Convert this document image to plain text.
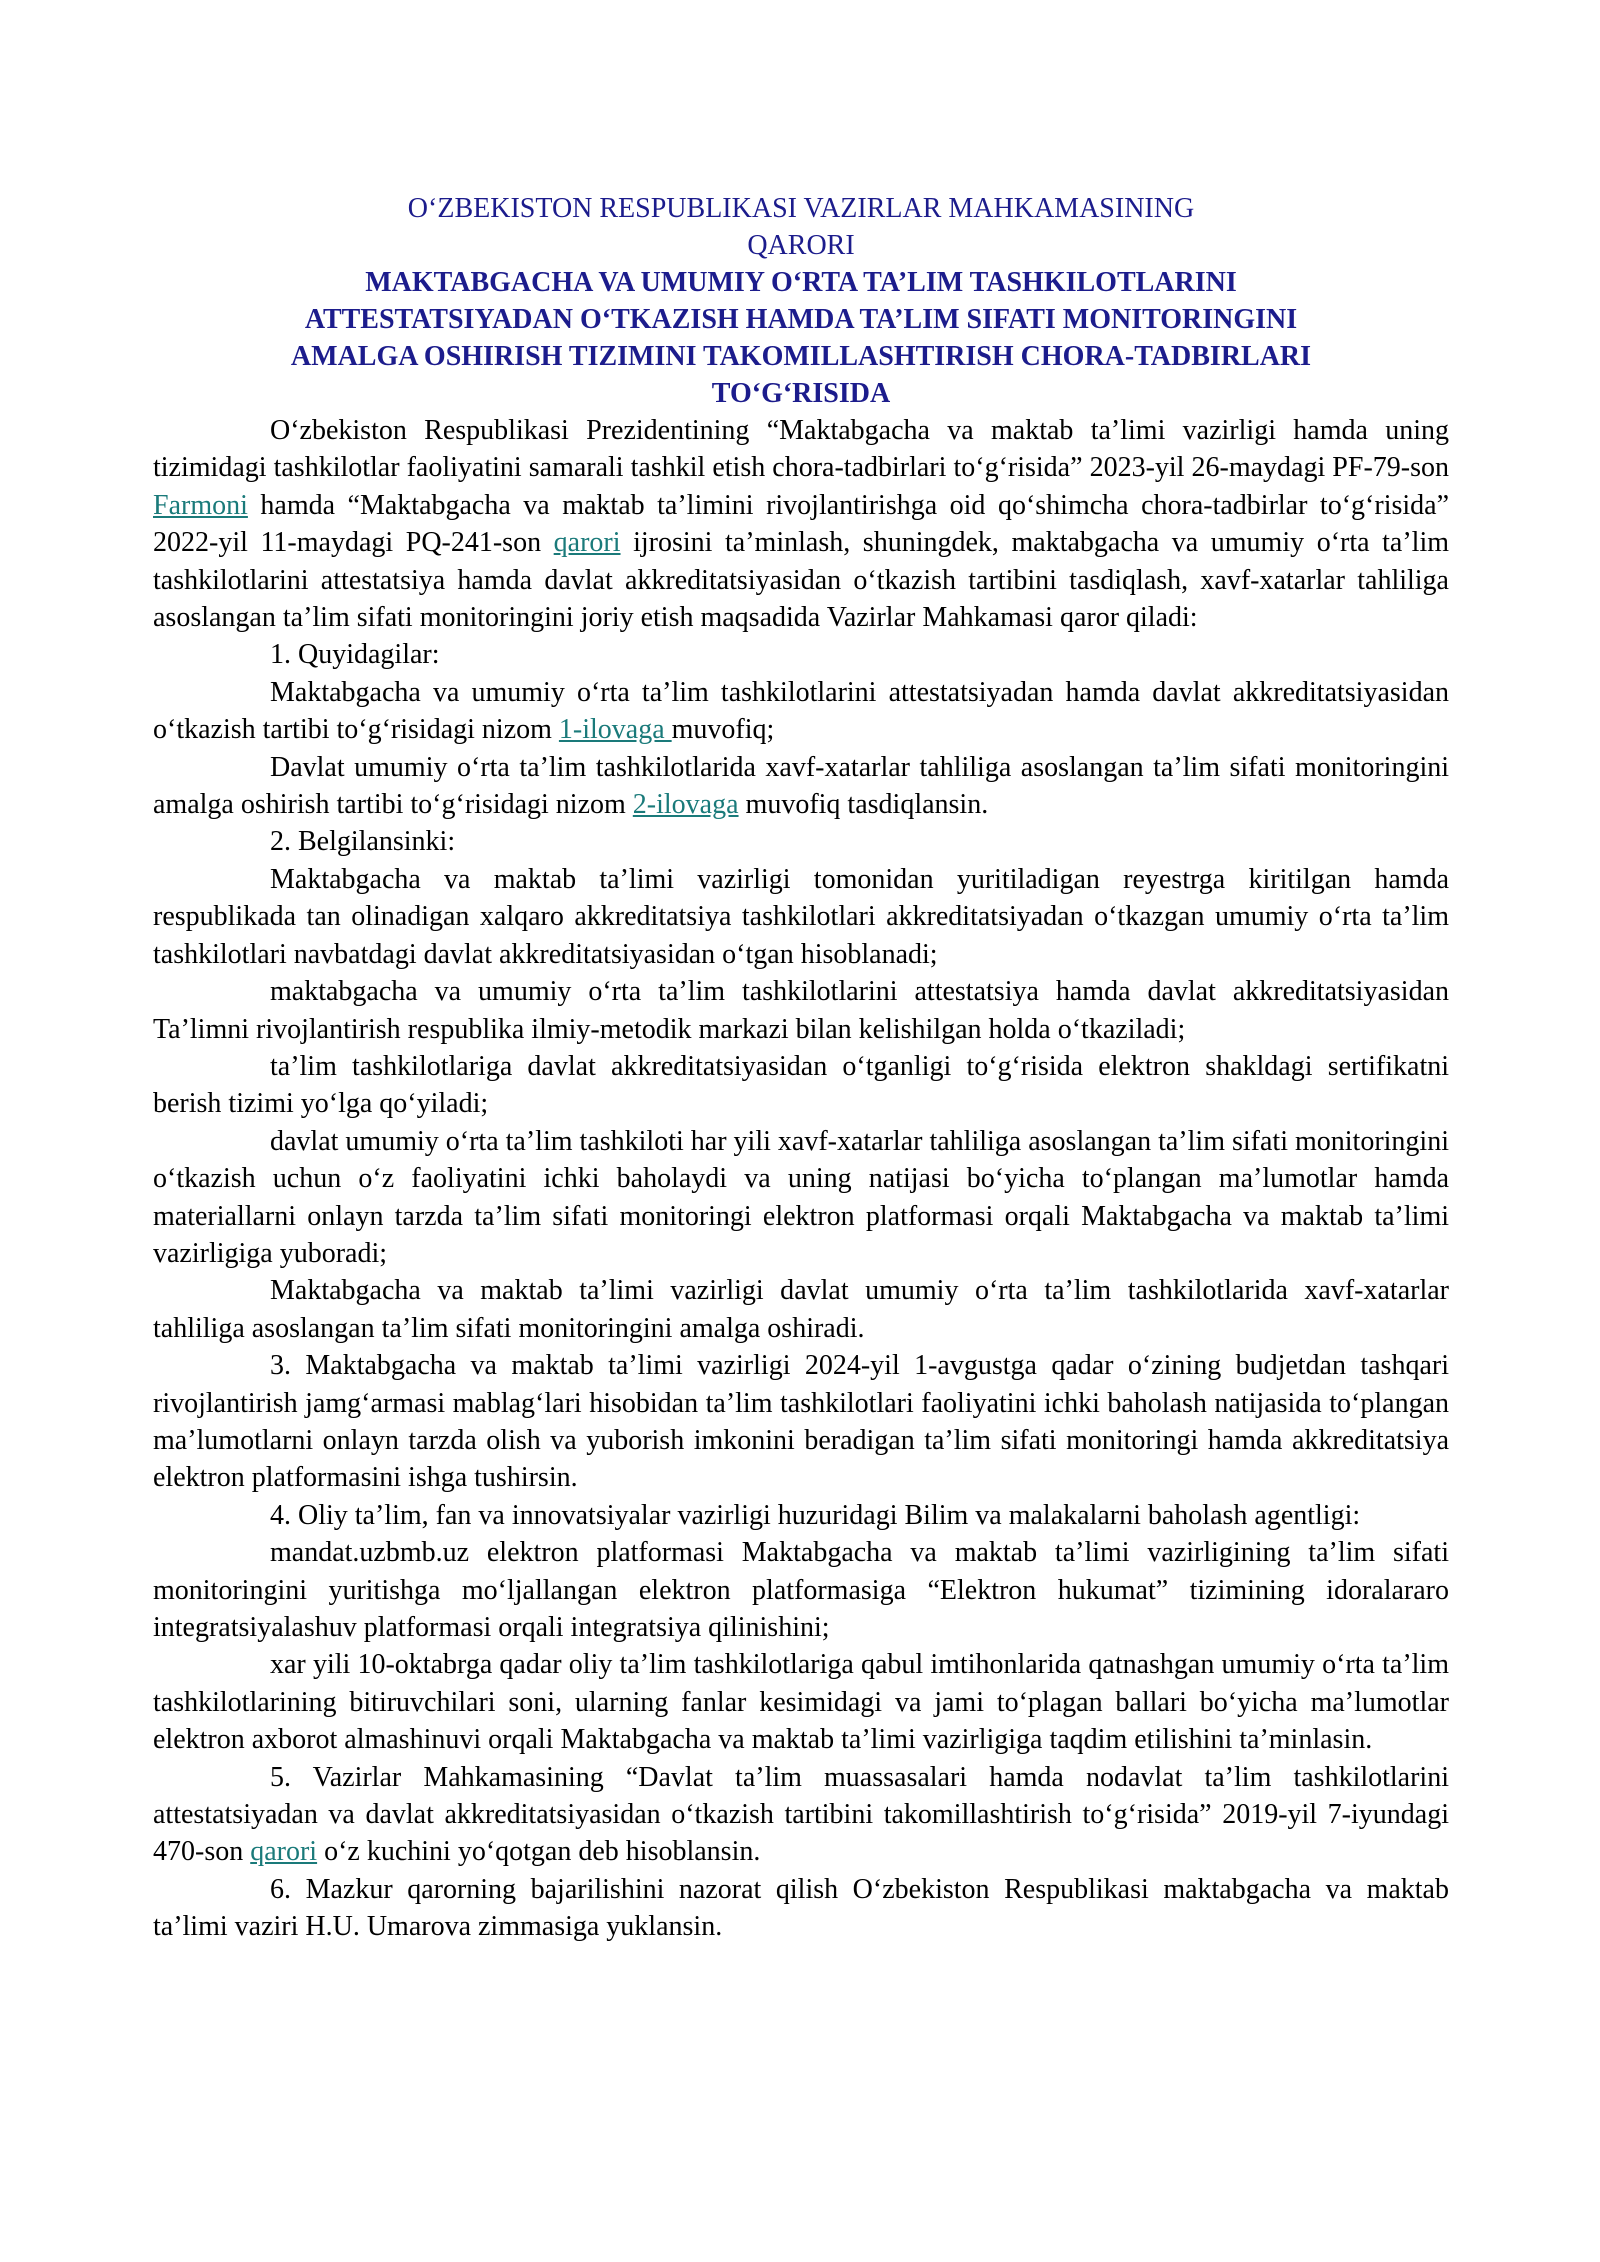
O‘ZBEKISTON RESPUBLIKASI VAZIRLAR MAHKAMASINING
QARORI
MAKTABGACHA VA UMUMIY O‘RTA TA’LIM TASHKILOTLARINI
ATTESTATSIYADAN O‘TKAZISH HAMDA TA’LIM SIFATI MONITORINGINI
AMALGA OSHIRISH TIZIMINI TAKOMILLASHTIRISH CHORA-TADBIRLARI
TO‘G‘RISIDA

O‘zbekiston Respublikasi Prezidentining “Maktabgacha va maktab ta’limi vazirligi hamda uning tizimidagi tashkilotlar faoliyatini samarali tashkil etish chora-tadbirlari to‘g‘risida” 2023-yil 26-maydagi PF-79-son Farmoni hamda “Maktabgacha va maktab ta’limini rivojlantirishga oid qo‘shimcha chora-tadbirlar to‘g‘risida” 2022-yil 11-maydagi PQ-241-son qarori ijrosini ta’minlash, shuningdek, maktabgacha va umumiy o‘rta ta’lim tashkilotlarini attestatsiya hamda davlat akkreditatsiyasidan o‘tkazish tartibini tasdiqlash, xavf-xatarlar tahliliga asoslangan ta’lim sifati monitoringini joriy etish maqsadida Vazirlar Mahkamasi qaror qiladi:

1. Quyidagilar:

Maktabgacha va umumiy o‘rta ta’lim tashkilotlarini attestatsiyadan hamda davlat akkreditatsiyasidan o‘tkazish tartibi to‘g‘risidagi nizom 1-ilovaga muvofiq;

Davlat umumiy o‘rta ta’lim tashkilotlarida xavf-xatarlar tahliliga asoslangan ta’lim sifati monitoringini amalga oshirish tartibi to‘g‘risidagi nizom 2-ilovaga muvofiq tasdiqlansin.

2. Belgilansinki:

Maktabgacha va maktab ta’limi vazirligi tomonidan yuritiladigan reyestrga kiritilgan hamda respublikada tan olinadigan xalqaro akkreditatsiya tashkilotlari akkreditatsiyadan o‘tkazgan umumiy o‘rta ta’lim tashkilotlari navbatdagi davlat akkreditatsiyasidan o‘tgan hisoblanadi;

maktabgacha va umumiy o‘rta ta’lim tashkilotlarini attestatsiya hamda davlat akkreditatsiyasidan Ta’limni rivojlantirish respublika ilmiy-metodik markazi bilan kelishilgan holda o‘tkaziladi;

ta’lim tashkilotlariga davlat akkreditatsiyasidan o‘tganligi to‘g‘risida elektron shakldagi sertifikatni berish tizimi yo‘lga qo‘yiladi;

davlat umumiy o‘rta ta’lim tashkiloti har yili xavf-xatarlar tahliliga asoslangan ta’lim sifati monitoringini o‘tkazish uchun o‘z faoliyatini ichki baholaydi va uning natijasi bo‘yicha to‘plangan ma’lumotlar hamda materiallarni onlayn tarzda ta’lim sifati monitoringi elektron platformasi orqali Maktabgacha va maktab ta’limi vazirligiga yuboradi;

Maktabgacha va maktab ta’limi vazirligi davlat umumiy o‘rta ta’lim tashkilotlarida xavf-xatarlar tahliliga asoslangan ta’lim sifati monitoringini amalga oshiradi.

3. Maktabgacha va maktab ta’limi vazirligi 2024-yil 1-avgustga qadar o‘zining budjetdan tashqari rivojlantirish jamg‘armasi mablag‘lari hisobidan ta’lim tashkilotlari faoliyatini ichki baholash natijasida to‘plangan ma’lumotlarni onlayn tarzda olish va yuborish imkonini beradigan ta’lim sifati monitoringi hamda akkreditatsiya elektron platformasini ishga tushirsin.

4. Oliy ta’lim, fan va innovatsiyalar vazirligi huzuridagi Bilim va malakalarni baholash agentligi:

mandat.uzbmb.uz elektron platformasi Maktabgacha va maktab ta’limi vazirligining ta’lim sifati monitoringini yuritishga mo‘ljallangan elektron platformasiga “Elektron hukumat” tizimining idoralararo integratsiyalashuv platformasi orqali integratsiya qilinishini;

xar yili 10-oktabrga qadar oliy ta’lim tashkilotlariga qabul imtihonlarida qatnashgan umumiy o‘rta ta’lim tashkilotlarining bitiruvchilari soni, ularning fanlar kesimidagi va jami to‘plagan ballari bo‘yicha ma’lumotlar elektron axborot almashinuvi orqali Maktabgacha va maktab ta’limi vazirligiga taqdim etilishini ta’minlasin.

5. Vazirlar Mahkamasining “Davlat ta’lim muassasalari hamda nodavlat ta’lim tashkilotlarini attestatsiyadan va davlat akkreditatsiyasidan o‘tkazish tartibini takomillashtirish to‘g‘risida” 2019-yil 7-iyundagi 470-son qarori o‘z kuchini yo‘qotgan deb hisoblansin.

6. Mazkur qarorning bajarilishini nazorat qilish O‘zbekiston Respublikasi maktabgacha va maktab ta’limi vaziri H.U. Umarova zimmasiga yuklansin.
